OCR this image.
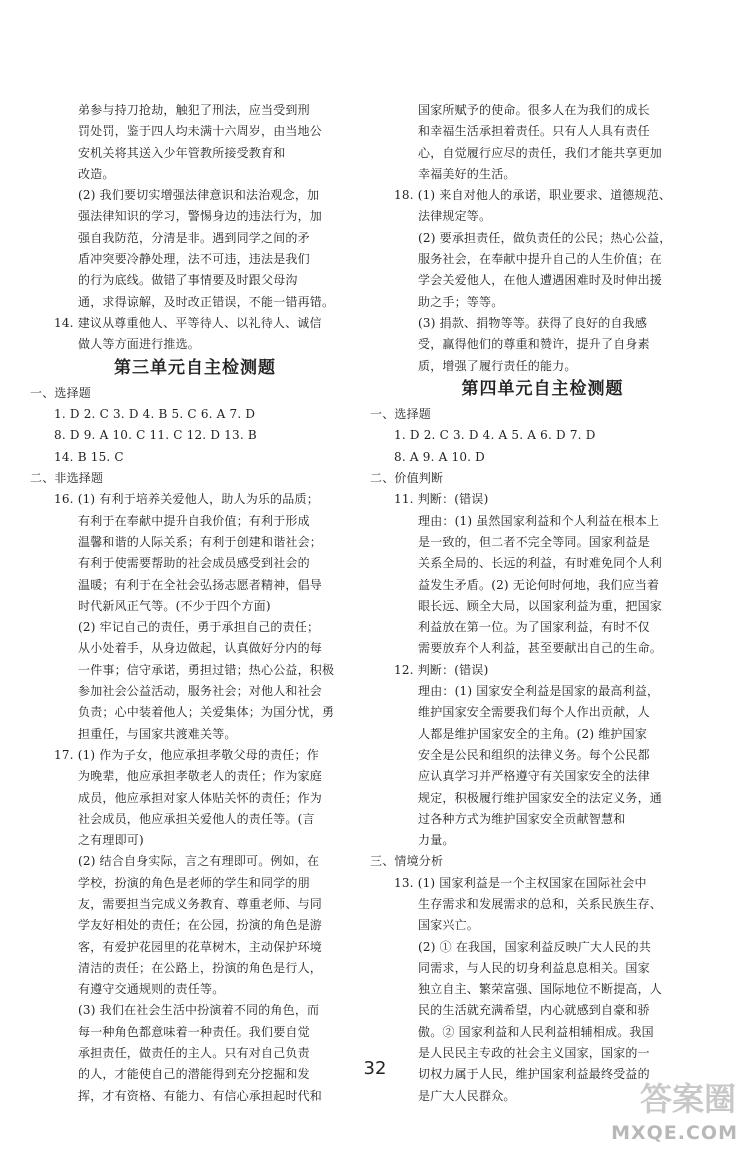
弟参与持刀抢劫，触犯了刑法，应当受到刑

罚处罚，鉴于四人均未满十六周岁，由当地公

安机关将其送入少年管教所接受教育和

改造。

(2) 我们要切实增强法律意识和法治观念，加

强法律知识的学习，警惕身边的违法行为，加

强自我防范，分清是非。遇到同学之间的矛

盾冲突要冷静处理，法不可违，违法是我们

的行为底线。做错了事情要及时跟父母沟

通，求得谅解，及时改正错误，不能一错再错。

14. 建议从尊重他人、平等待人、以礼待人、诚信

做人等方面进行推选。

第三单元自主检测题

一、选择题

1. D 2. C 3. D 4. B 5. C 6. A 7. D

8. D 9. A 10. C 11. C 12. D 13. B

14. B 15. C

二、非选择题

16. (1) 有利于培养关爱他人，助人为乐的品质；

有利于在奉献中提升自我价值；有利于形成

温馨和谐的人际关系；有利于创建和谐社会；

有利于使需要帮助的社会成员感受到社会的

温暖；有利于在全社会弘扬志愿者精神，倡导

时代新风正气等。(不少于四个方面)

(2) 牢记自己的责任，勇于承担自己的责任；

从小处着手，从身边做起，认真做好分内的每

一件事；信守承诺，勇担过错；热心公益，积极

参加社会公益活动，服务社会；对他人和社会

负责；心中装着他人；关爱集体；为国分忧，勇

担重任，与国家共渡难关等。

17. (1) 作为子女，他应承担孝敬父母的责任；作

为晚辈，他应承担孝敬老人的责任；作为家庭

成员，他应承担对家人体贴关怀的责任；作为

社会成员，他应承担关爱他人的责任等。(言

之有理即可)

(2) 结合自身实际，言之有理即可。例如，在

学校，扮演的角色是老师的学生和同学的朋

友，需要担当完成义务教育、尊重老师、与同

学友好相处的责任；在公园，扮演的角色是游

客，有爱护花园里的花草树木，主动保护环境

清洁的责任；在公路上，扮演的角色是行人，

有遵守交通规则的责任等。

(3) 我们在社会生活中扮演着不同的角色，而

每一种角色都意味着一种责任。我们要自觉

承担责任，做责任的主人。只有对自己负责

的人，才能使自己的潜能得到充分挖掘和发

挥，才有资格、有能力、有信心承担起时代和

国家所赋予的使命。很多人在为我们的成长

和幸福生活承担着责任。只有人人具有责任

心，自觉履行应尽的责任，我们才能共享更加

幸福美好的生活。

18. (1) 来自对他人的承诺，职业要求、道德规范、

法律规定等。

(2) 要承担责任，做负责任的公民；热心公益，

服务社会，在奉献中提升自己的人生价值；在

学会关爱他人，在他人遭遇困难时及时伸出援

助之手；等等。

(3) 捐款、捐物等等。获得了良好的自我感

受，赢得他们的尊重和赞许，提升了自身素

质，增强了履行责任的能力。

第四单元自主检测题

一、选择题

1. D 2. C 3. D 4. A 5. A 6. D 7. D

8. A 9. A 10. D

二、价值判断

11. 判断：(错误)

理由：(1) 虽然国家利益和个人利益在根本上

是一致的，但二者不完全等同。国家利益是

关系全局的、长远的利益，有时难免同个人利

益发生矛盾。(2) 无论何时何地，我们应当着

眼长远、顾全大局，以国家利益为重，把国家

利益放在第一位。为了国家利益，有时不仅

需要放弃个人利益，甚至要献出自己的生命。

12. 判断：(错误)

理由：(1) 国家安全利益是国家的最高利益，

维护国家安全需要我们每个人作出贡献，人

人都是维护国家安全的主角。(2) 维护国家

安全是公民和组织的法律义务。每个公民都

应认真学习并严格遵守有关国家安全的法律

规定，积极履行维护国家安全的法定义务，通

过各种方式为维护国家安全贡献智慧和

力量。

三、情境分析

13. (1) 国家利益是一个主权国家在国际社会中

生存需求和发展需求的总和，关系民族生存、

国家兴亡。

(2) ① 在我国，国家利益反映广大人民的共

同需求，与人民的切身利益息息相关。国家

独立自主、繁荣富强、国际地位不断提高，人

民的生活就充满希望，内心就感到自豪和骄

傲。② 国家利益和人民利益相辅相成。我国

是人民民主专政的社会主义国家，国家的一

切权力属于人民，维护国家利益最终受益的

是广大人民群众。

32
答案圈
MXQE.COM
